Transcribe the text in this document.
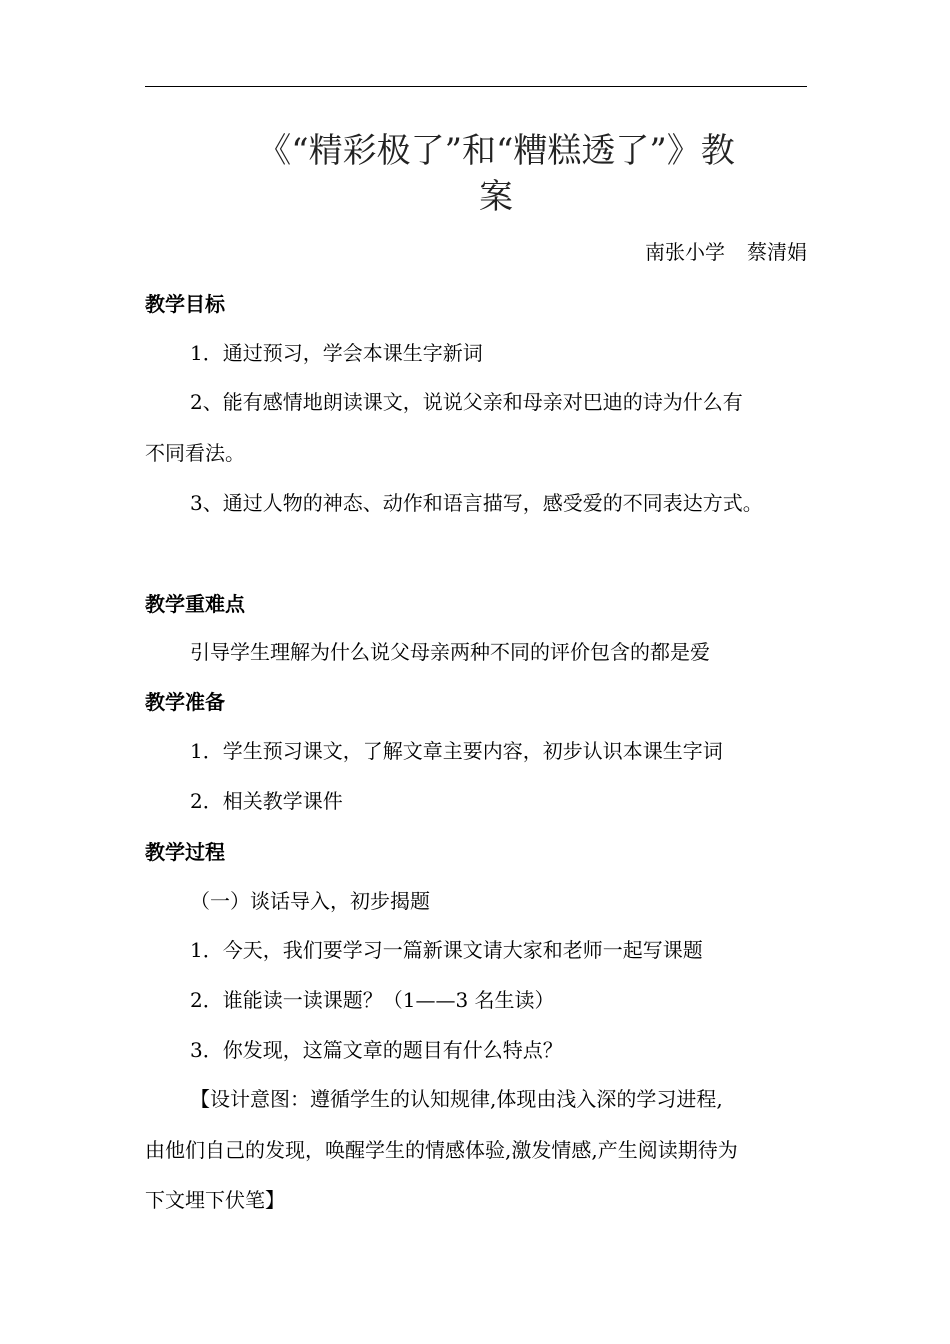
《“精彩极了”和“糟糕透了”》教
案
南张小学 蔡清娟
教学目标
1．通过预习，学会本课生字新词
2、能有感情地朗读课文，说说父亲和母亲对巴迪的诗为什么有
不同看法。
3、通过人物的神态、动作和语言描写，感受爱的不同表达方式。
教学重难点
引导学生理解为什么说父母亲两种不同的评价包含的都是爱
教学准备
1．学生预习课文，了解文章主要内容，初步认识本课生字词
2．相关教学课件
教学过程
（一）谈话导入，初步揭题
1．今天，我们要学习一篇新课文请大家和老师一起写课题
2．谁能读一读课题？（1——3 名生读）
3．你发现，这篇文章的题目有什么特点？
【设计意图：遵循学生的认知规律,体现由浅入深的学习进程,
由他们自己的发现，唤醒学生的情感体验,激发情感,产生阅读期待为
下文埋下伏笔】
